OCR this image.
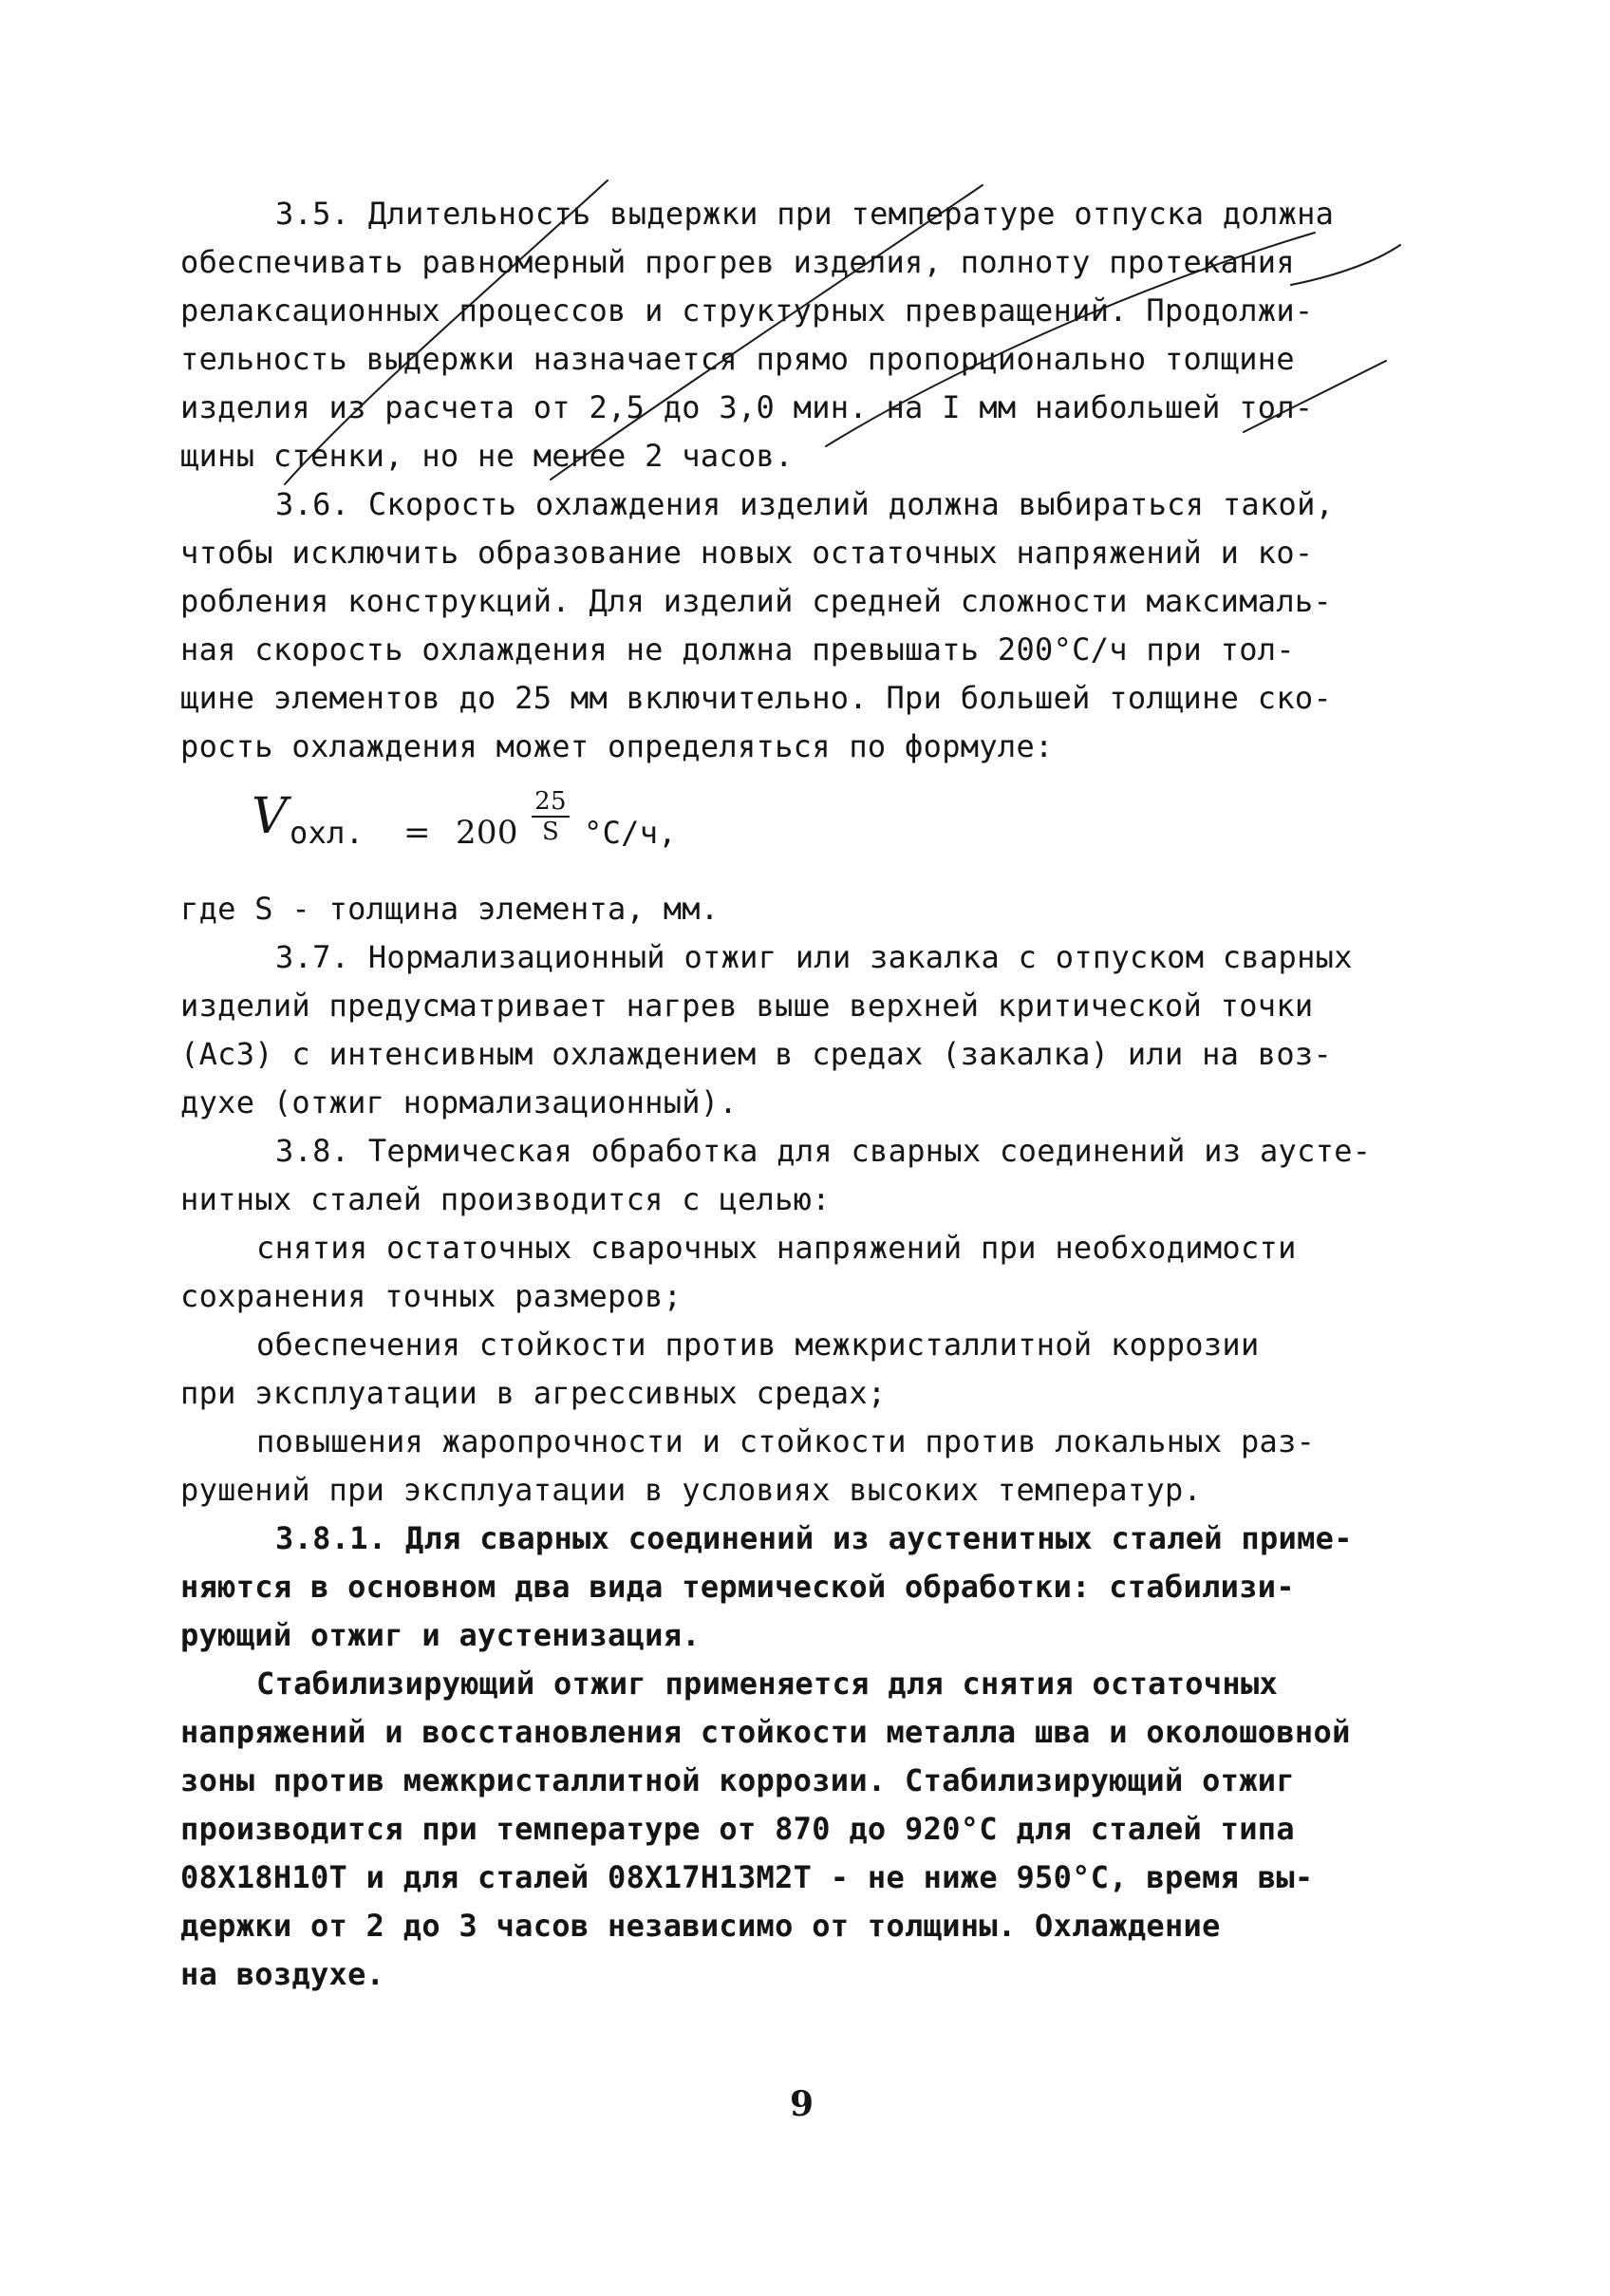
3.5. Длительность выдержки при температуре отпуска должна
обеспечивать равномерный прогрев изделия, полноту протекания
релаксационных процессов и структурных превращений. Продолжи-
тельность выдержки назначается прямо пропорционально толщине
изделия из расчета от 2,5 до 3,0 мин. на I мм наибольшей тол-
щины стенки, но не менее 2 часов.
3.6. Скорость охлаждения изделий должна выбираться такой,
чтобы исключить образование новых остаточных напряжений и ко-
робления конструкций. Для изделий средней сложности максималь-
ная скорость охлаждения не должна превышать 200°С/ч при тол-
щине элементов до 25 мм включительно. При большей толщине ско-
рость охлаждения может определяться по формуле:
V охл. = 200
25
S °С/ч,
где S - толщина элемента, мм.
3.7. Нормализационный отжиг или закалка с отпуском сварных
изделий предусматривает нагрев выше верхней критической точки
(Ac3) с интенсивным охлаждением в средах (закалка) или на воз-
духе (отжиг нормализационный).
3.8. Термическая обработка для сварных соединений из аусте-
нитных сталей производится с целью:
снятия остаточных сварочных напряжений при необходимости
сохранения точных размеров;
обеспечения стойкости против межкристаллитной коррозии
при эксплуатации в агрессивных средах;
повышения жаропрочности и стойкости против локальных раз-
рушений при эксплуатации в условиях высоких температур.
3.8.1. Для сварных соединений из аустенитных сталей приме-
няются в основном два вида термической обработки: стабилизи-
рующий отжиг и аустенизация.
Стабилизирующий отжиг применяется для снятия остаточных
напряжений и восстановления стойкости металла шва и околошовной
зоны против межкристаллитной коррозии. Стабилизирующий отжиг
производится при температуре от 870 до 920°С для сталей типа
08Х18Н10Т и для сталей 08Х17Н13М2Т - не ниже 950°С, время вы-
держки от 2 до 3 часов независимо от толщины. Охлаждение
на воздухе.
9
